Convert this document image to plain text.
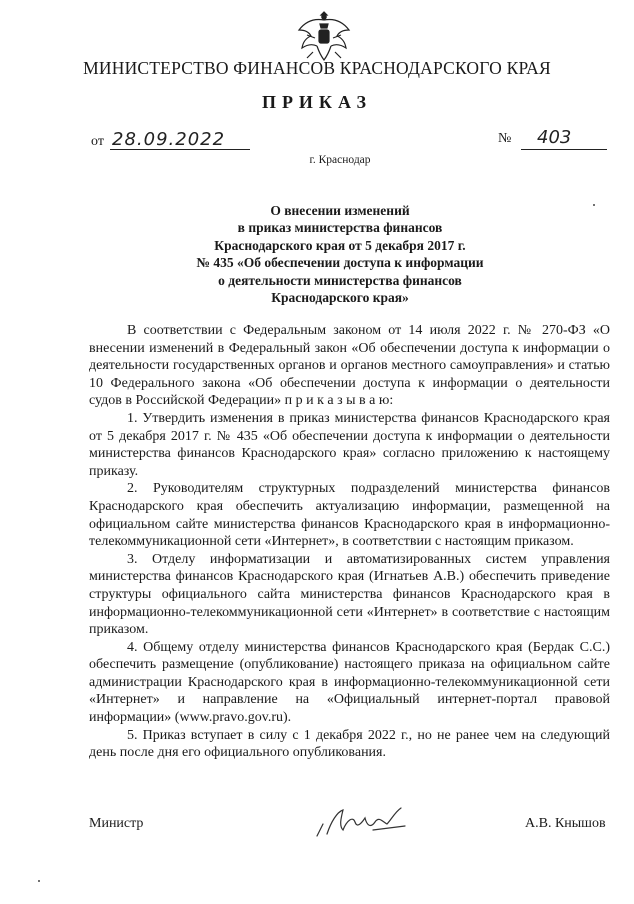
МИНИСТЕРСТВО ФИНАНСОВ КРАСНОДАРСКОГО КРАЯ
ПРИКАЗ
от 28.09.2022	№ 403
г. Краснодар
О внесении изменений
в приказ министерства финансов
Краснодарского края от 5 декабря 2017 г.
№ 435 «Об обеспечении доступа к информации
о деятельности министерства финансов
Краснодарского края»

В соответствии с Федеральным законом от 14 июля 2022 г. № 270-ФЗ «О внесении изменений в Федеральный закон «Об обеспечении доступа к информации о деятельности государственных органов и органов местного самоуправления» и статью 10 Федерального закона «Об обеспечении доступа к информации о деятельности судов в Российской Федерации» п р и к а з ы в а ю:

1. Утвердить изменения в приказ министерства финансов Краснодарского края от 5 декабря 2017 г. № 435 «Об обеспечении доступа к информации о деятельности министерства финансов Краснодарского края» согласно приложению к настоящему приказу.

2. Руководителям структурных подразделений министерства финансов Краснодарского края обеспечить актуализацию информации, размещенной на официальном сайте министерства финансов Краснодарского края в информационно-телекоммуникационной сети «Интернет», в соответствии с настоящим приказом.

3. Отделу информатизации и автоматизированных систем управления министерства финансов Краснодарского края (Игнатьев А.В.) обеспечить приведение структуры официального сайта министерства финансов Краснодарского края в информационно-телекоммуникационной сети «Интернет» в соответствие с настоящим приказом.

4. Общему отделу министерства финансов Краснодарского края (Бердак С.С.) обеспечить размещение (опубликование) настоящего приказа на официальном сайте администрации Краснодарского края в информационно-телекоммуникационной сети «Интернет» и направление на «Официальный интернет-портал правовой информации» (www.pravo.gov.ru).

5. Приказ вступает в силу с 1 декабря 2022 г., но не ранее чем на следующий день после дня его официального опубликования.

Министр	А.В. Кнышов
